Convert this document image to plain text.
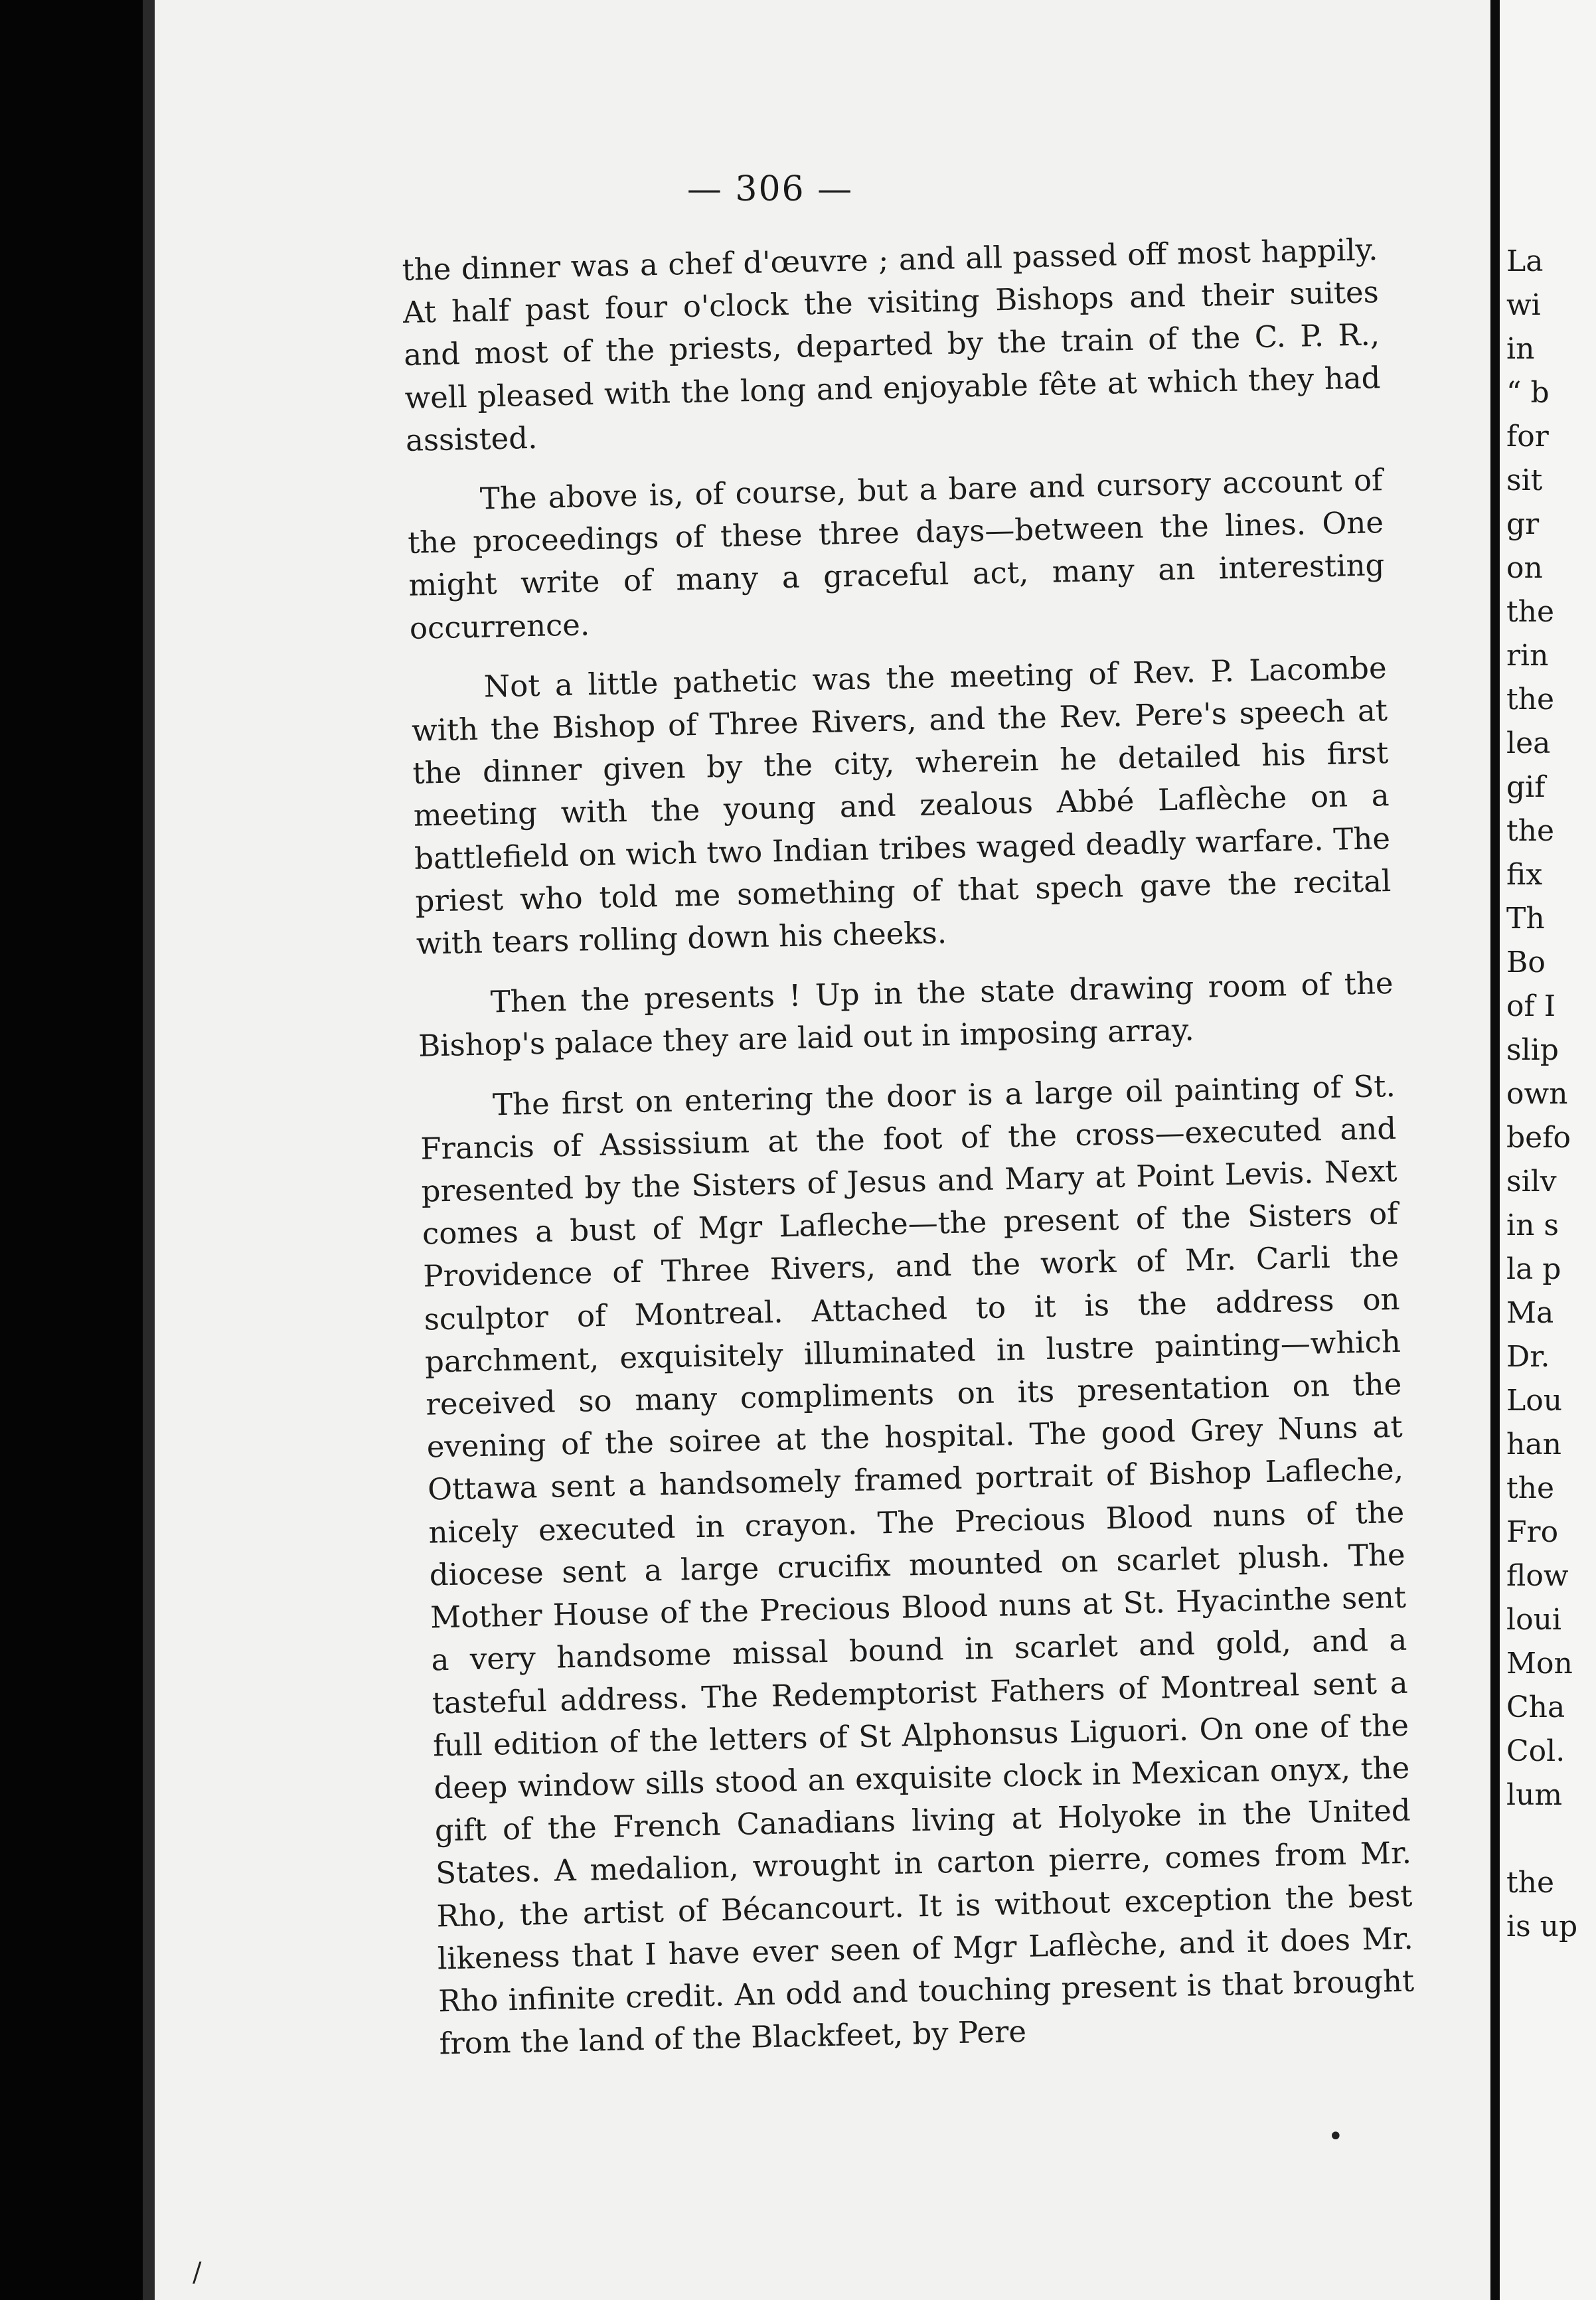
— 306 —

the dinner was a chef d'œuvre ; and all passed off most happily. At half past four o'clock the visiting Bishops and their suites and most of the priests, departed by the train of the C. P. R., well pleased with the long and enjoyable fête at which they had assisted.

The above is, of course, but a bare and cursory account of the proceedings of these three days—between the lines. One might write of many a graceful act, many an interesting occurrence.

Not a little pathetic was the meeting of Rev. P. Lacombe with the Bishop of Three Rivers, and the Rev. Pere's speech at the dinner given by the city, wherein he detailed his first meeting with the young and zealous Abbé Laflèche on a battlefield on wich two Indian tribes waged deadly warfare. The priest who told me something of that spech gave the recital with tears rolling down his cheeks.

Then the presents ! Up in the state drawing room of the Bishop's palace they are laid out in imposing array.

The first on entering the door is a large oil painting of St. Francis of Assissium at the foot of the cross—executed and presented by the Sisters of Jesus and Mary at Point Levis. Next comes a bust of Mgr Lafleche—the present of the Sisters of Providence of Three Rivers, and the work of Mr. Carli the sculptor of Montreal. Attached to it is the address on parchment, exquisitely illuminated in lustre painting—which received so many compliments on its presentation on the evening of the soiree at the hospital. The good Grey Nuns at Ottawa sent a handsomely framed portrait of Bishop Lafleche, nicely executed in crayon. The Precious Blood nuns of the diocese sent a large crucifix mounted on scarlet plush. The Mother House of the Precious Blood nuns at St. Hyacinthe sent a very handsome missal bound in scarlet and gold, and a tasteful address. The Redemptorist Fathers of Montreal sent a full edition of the letters of St Alphonsus Liguori. On one of the deep window sills stood an exquisite clock in Mexican onyx, the gift of the French Canadians living at Holyoke in the United States. A medalion, wrought in carton pierre, comes from Mr. Rho, the artist of Bécancourt. It is without exception the best likeness that I have ever seen of Mgr Laflèche, and it does Mr. Rho infinite credit. An odd and touching present is that brought from the land of the Blackfeet, by Pere

•
/
La
wi
in
“ b
for
sit
gr
on
the
rin
the
lea
gif
the
fix
Th
Bo
of I
slip
own
befo
silv
in s
la p
Ma
Dr.
Lou
han
the
Fro
flow
loui
Mon
Cha
Col.
lum
the
is up
